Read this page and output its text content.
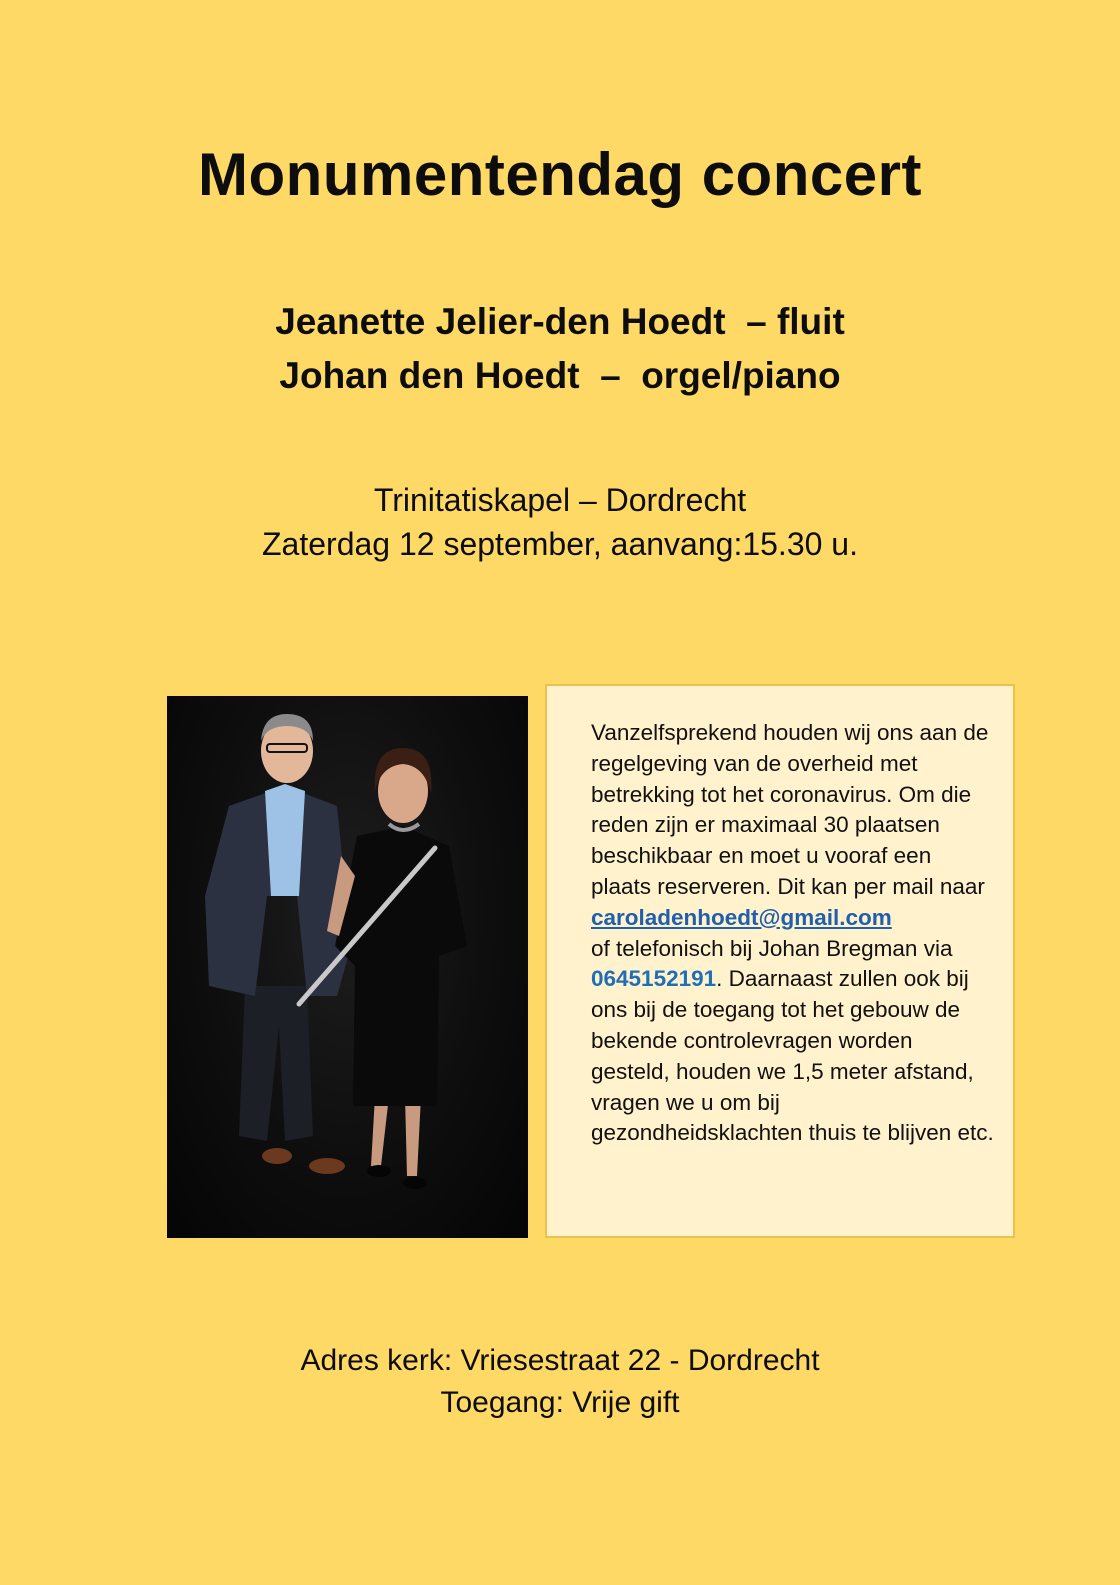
Monumentendag concert
Jeanette Jelier-den Hoedt  – fluit
Johan den Hoedt  –  orgel/piano
Trinitatiskapel – Dordrecht
Zaterdag 12 september, aanvang:15.30 u.
Vanzelfsprekend houden wij ons aan de regelgeving van de overheid met betrekking tot het coronavirus. Om die reden zijn er maximaal 30 plaatsen beschikbaar en moet u vooraf een plaats reserveren. Dit kan per mail naar
caroladenhoedt@gmail.com
of telefonisch bij Johan Bregman via
0645152191. Daarnaast zullen ook bij ons bij de toegang tot het gebouw de bekende controlevragen worden gesteld, houden we 1,5 meter afstand, vragen we u om bij gezondheidsklachten thuis te blijven etc.
Adres kerk: Vriesestraat 22 - Dordrecht
Toegang: Vrije gift
